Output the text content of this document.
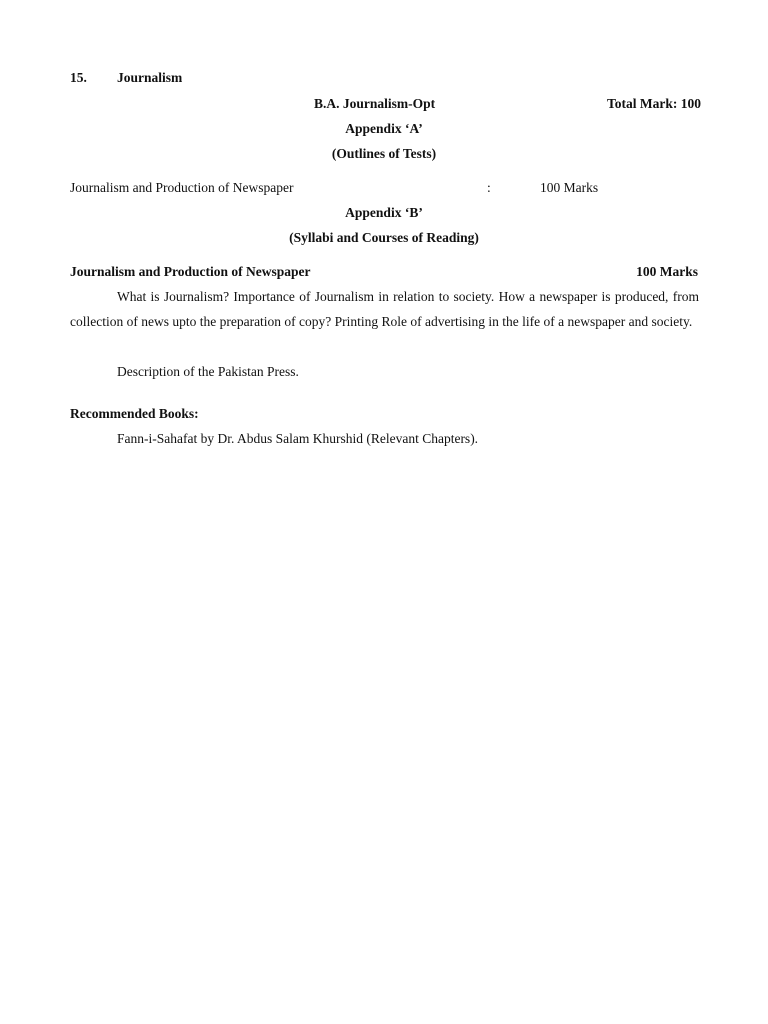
15. Journalism
B.A. Journalism-Opt	Total Mark: 100
Appendix ‘A’
(Outlines of Tests)
Journalism and Production of Newspaper	:	100 Marks
Appendix ‘B’
(Syllabi and Courses of Reading)
Journalism and Production of Newspaper	100 Marks
What is Journalism? Importance of Journalism in relation to society. How a newspaper is produced, from collection of news upto the preparation of copy? Printing Role of advertising in the life of a newspaper and society.
Description of the Pakistan Press.
Recommended Books:
Fann-i-Sahafat by Dr. Abdus Salam Khurshid (Relevant Chapters).
